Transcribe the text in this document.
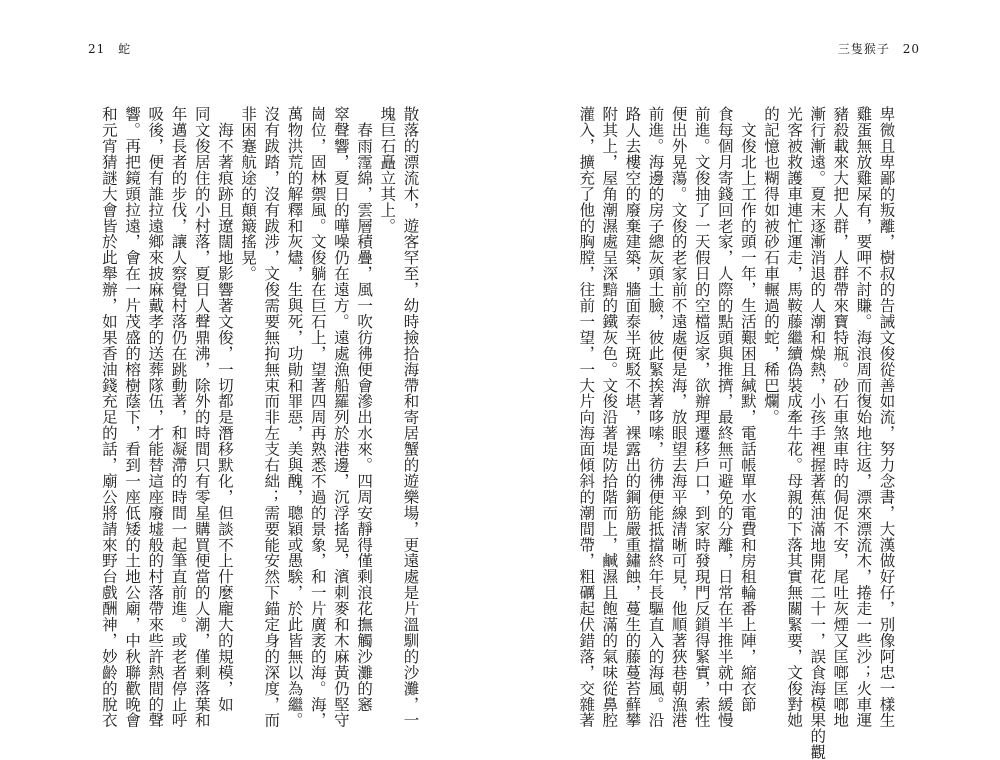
21 蛇	三隻猴子 20
散落的漂流木，遊客罕至，幼時撿拾海帶和寄居蟹的遊樂場，更遠處是片溫馴的沙灘，一
塊巨石矗立其上。
　春雨霪綿，雲層積疊，風一吹彷彿便會滲出水來。四周安靜得僅剩浪花撫觸沙灘的窸
窣聲響，夏日的嘩噪仍在遠方。遠處漁船羅列於港邊，沉浮搖晃，濱刺麥和木麻黃仍堅守
崗位，固林禦風。文俊躺在巨石上，望著四周再熟悉不過的景象，和一片廣袤的海。海，
萬物洪荒的解釋和灰燼，生與死，功勛和罪惡，美與醜，聰穎或愚騃，於此皆無以為繼。
沒有跋踏，沒有跋涉，文俊需要無拘無束而非左支右絀；需要能安然下錨定身的深度，而
非困蹇航途的顛簸搖晃。
　海不著痕跡且遼闊地影響著文俊，一切都是潛移默化，但談不上什麼龐大的規模，如
同文俊居住的小村落，夏日人聲鼎沸，除外的時間只有零星購買便當的人潮，僅剩落葉和
年邁長者的步伐，讓人察覺村落仍在跳動著，和凝滯的時間一起筆直前進。或老者停止呼
吸後，便有誰拉遠鄉來披麻戴孝的送葬隊伍，才能替這座廢墟般的村落帶來些許熱間的聲
響。再把鏡頭拉遠，會在一片茂盛的榕樹蔭下，看到一座低矮的土地公廟，中秋聯歡晚會
和元宵猜謎大會皆於此舉辦，如果香油錢充足的話，廟公將請來野台戲酬神，妙齡的脫衣	卑微且卑鄙的叛離，樹叔的告誡文俊從善如流，努力念書，大漢做好仔，別像阿忠一樣生
雞蛋無放雞屎有，要呷不討賺。海浪周而復始地往返，漂來漂流木，捲走一些沙；火車運
豬殺載來大把人群，人群帶來寶特瓶。砂石車煞車時的侷促不安，尾吐灰煙又匡啷匡啷地
漸行漸遠。夏末逐漸消退的人潮和燥熱，小孩手裡握著蕉油滿地開花二十一，誤食海模果的觀
光客被救護車連忙運走，馬鞍藤繼續偽裝成牽牛花。母親的下落其實無關緊要，文俊對她
的記憶也糊得如被砂石車輾過的蛇，稀巴爛。
　文俊北上工作的頭一年，生活艱困且緘默，電話帳單水電費和房租輪番上陣，縮衣節
食每個月寄錢回老家，人際的點頭與推擠，最終無可避免的分離，日常在半推半就中緩慢
前進。文俊抽了一天假日的空檔返家，欲辦理遷移戶口，到家時發現門反鎖得緊實，索性
便出外晃蕩。文俊的老家前不遠處便是海，放眼望去海平線清晰可見，他順著狹巷朝漁港
前進。海邊的房子總灰頭土臉，彼此緊挨著哆嗦，彷彿便能抵擋終年長驅直入的海風。沿
路人去樓空的廢棄建築，牆面泰半斑駁不堪，裸露出的鋼筋嚴重鏽蝕，蔓生的藤蔓苔蘚攀
附其上，屋角潮濕處呈深黯的鐵灰色。文俊沿著堤防拾階而上，鹹濕且飽滿的氣味從鼻腔
灌入，擴充了他的胸膛，往前一望，一大片向海面傾斜的潮間帶，粗礪起伏錯落，交雜著
